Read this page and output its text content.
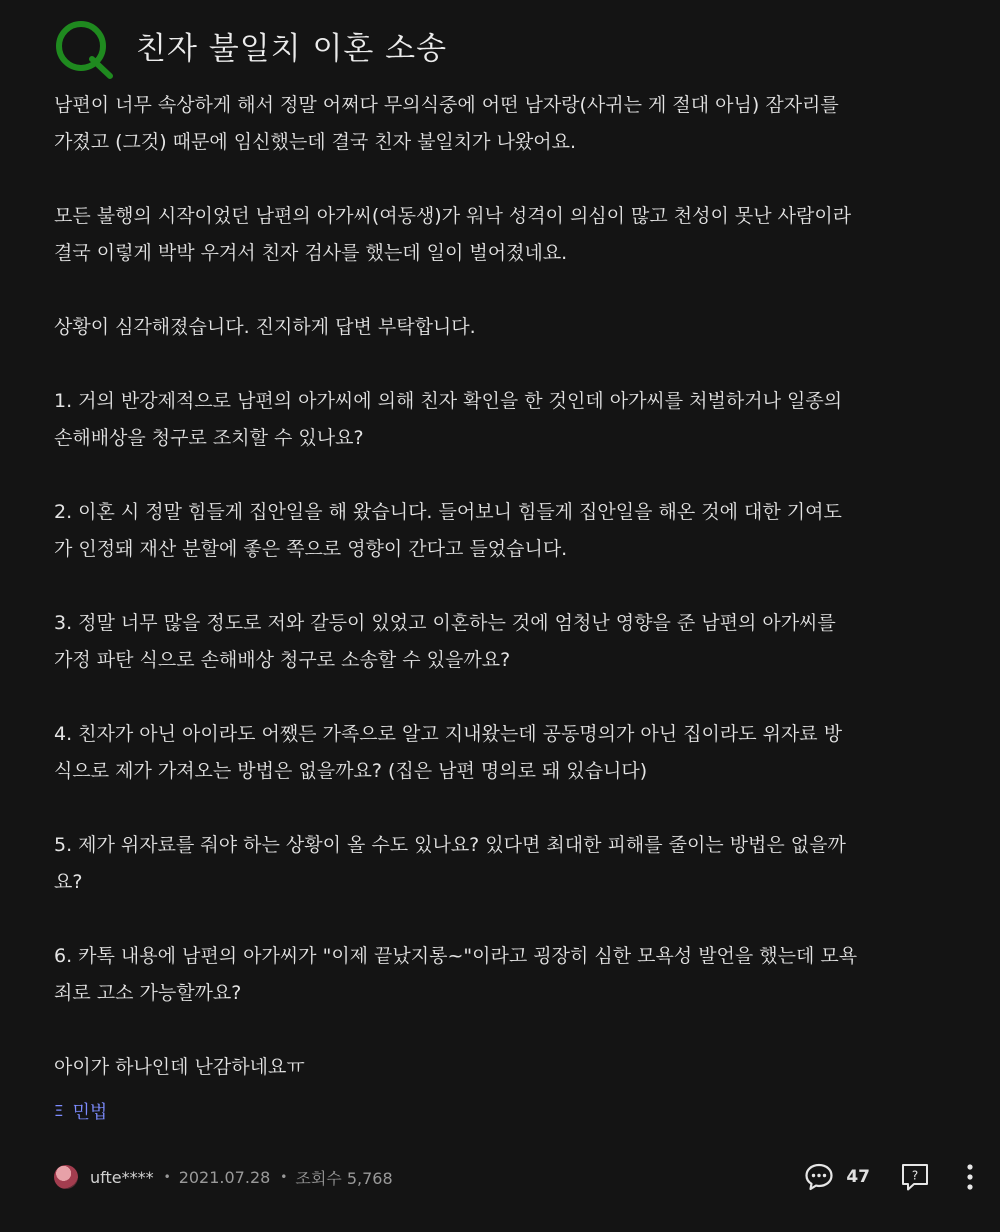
친자 불일치 이혼 소송

남편이 너무 속상하게 해서 정말 어쩌다 무의식중에 어떤 남자랑(사귀는 게 절대 아님) 잠자리를
가졌고 (그것) 때문에 임신했는데 결국 친자 불일치가 나왔어요.

모든 불행의 시작이었던 남편의 아가씨(여동생)가 워낙 성격이 의심이 많고 천성이 못난 사람이라
결국 이렇게 박박 우겨서 친자 검사를 했는데 일이 벌어졌네요.

상황이 심각해졌습니다. 진지하게 답변 부탁합니다.

1. 거의 반강제적으로 남편의 아가씨에 의해 친자 확인을 한 것인데 아가씨를 처벌하거나 일종의
손해배상을 청구로 조치할 수 있나요?

2. 이혼 시 정말 힘들게 집안일을 해 왔습니다. 들어보니 힘들게 집안일을 해온 것에 대한 기여도
가 인정돼 재산 분할에 좋은 쪽으로 영향이 간다고 들었습니다.

3. 정말 너무 많을 정도로 저와 갈등이 있었고 이혼하는 것에 엄청난 영향을 준 남편의 아가씨를
가정 파탄 식으로 손해배상 청구로 소송할 수 있을까요?

4. 친자가 아닌 아이라도 어쨌든 가족으로 알고 지내왔는데 공동명의가 아닌 집이라도 위자료 방
식으로 제가 가져오는 방법은 없을까요? (집은 남편 명의로 돼 있습니다)

5. 제가 위자료를 줘야 하는 상황이 올 수도 있나요? 있다면 최대한 피해를 줄이는 방법은 없을까
요?

6. 카톡 내용에 남편의 아가씨가 "이제 끝났지롱~"이라고 굉장히 심한 모욕성 발언을 했는데 모욕
죄로 고소 가능할까요?

아이가 하나인데 난감하네요ㅠ

Ξ 민법
ufte**** • 2021.07.28 • 조회수 5,768	47	?
